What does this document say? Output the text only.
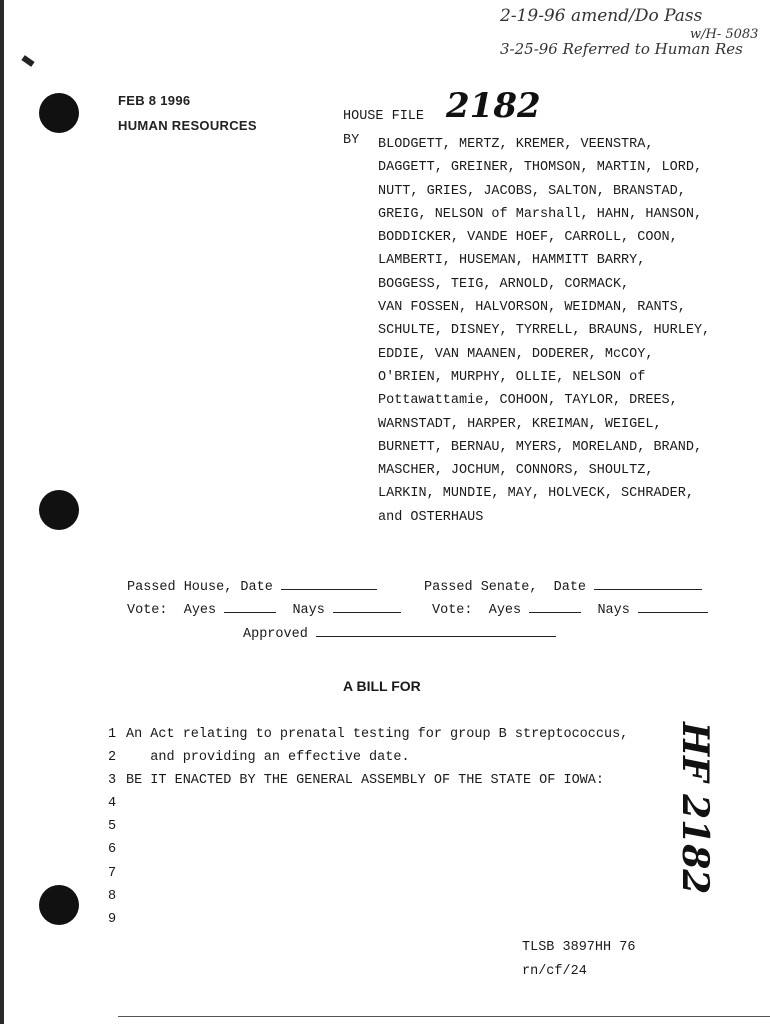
2-19-96 amend/Do Pass
w/H- 5083
3-25-96 Referred to Human Res
FEB 8 1996
HUMAN RESOURCES
HOUSE FILE 2182
BY BLODGETT, MERTZ, KREMER, VEENSTRA,
DAGGETT, GREINER, THOMSON, MARTIN, LORD,
NUTT, GRIES, JACOBS, SALTON, BRANSTAD,
GREIG, NELSON of Marshall, HAHN, HANSON,
BODDICKER, VANDE HOEF, CARROLL, COON,
LAMBERTI, HUSEMAN, HAMMITT BARRY,
BOGGESS, TEIG, ARNOLD, CORMACK,
VAN FOSSEN, HALVORSON, WEIDMAN, RANTS,
SCHULTE, DISNEY, TYRRELL, BRAUNS, HURLEY,
EDDIE, VAN MAANEN, DODERER, McCOY,
O'BRIEN, MURPHY, OLLIE, NELSON of
Pottawattamie, COHOON, TAYLOR, DREES,
WARNSTADT, HARPER, KREIMAN, WEIGEL,
BURNETT, BERNAU, MYERS, MORELAND, BRAND,
MASCHER, JOCHUM, CONNORS, SHOULTZ,
LARKIN, MUNDIE, MAY, HOLVECK, SCHRADER,
and OSTERHAUS
Passed House, Date	Passed Senate,  Date
Vote: Ayes	Nays	Vote: Ayes	Nays
Approved
A BILL FOR
1 An Act relating to prenatal testing for group B streptococcus,
2   and providing an effective date.
3 BE IT ENACTED BY THE GENERAL ASSEMBLY OF THE STATE OF IOWA:
4
5
6
7
8
9
HF 2182
TLSB 3897HH 76
rn/cf/24
